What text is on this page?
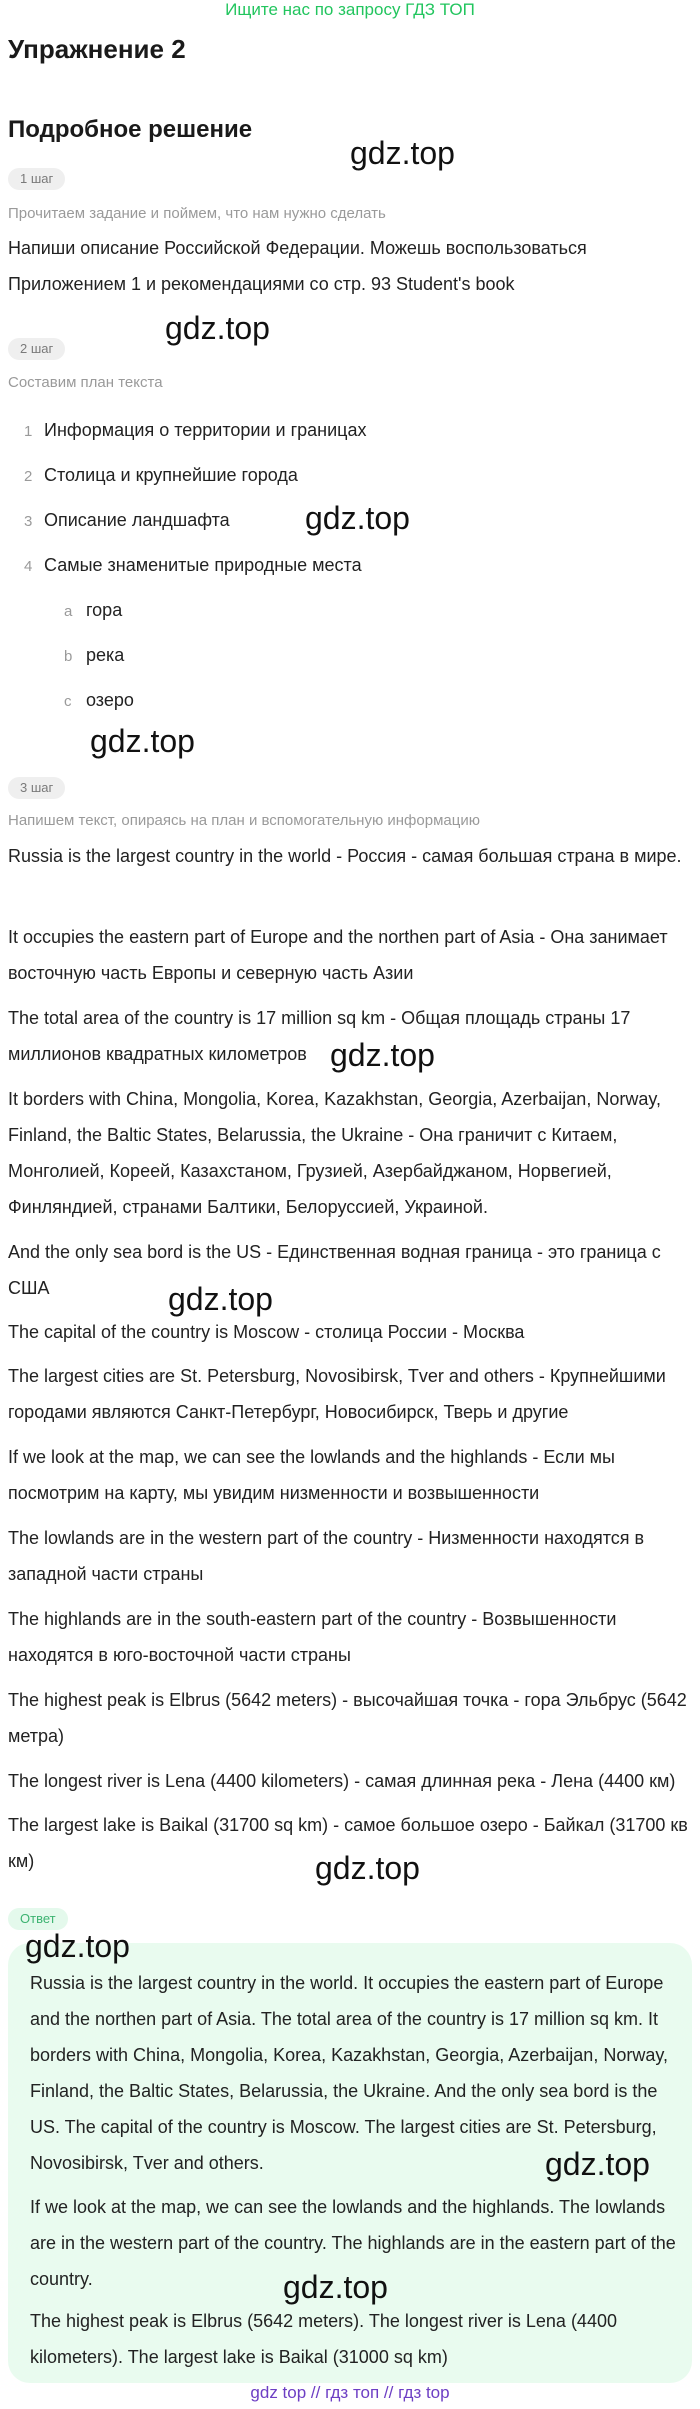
Ищите нас по запросу ГДЗ ТОП
Упражнение 2
Подробное решение
1 шаг
Прочитаем задание и поймем, что нам нужно сделать
Напиши описание Российской Федерации. Можешь воспользоваться Приложением 1 и рекомендациями со стр. 93 Student's book
2 шаг
Составим план текста
1 Информация о территории и границах
2 Столица и крупнейшие города
3 Описание ландшафта
4 Самые знаменитые природные места
a гора
b река
c озеро
3 шаг
Напишем текст, опираясь на план и вспомогательную информацию
Russia is the largest country in the world - Россия - самая большая страна в мире.
It occupies the eastern part of Europe and the northen part of Asia - Она занимает восточную часть Европы и северную часть Азии
The total area of the country is 17 million sq km - Общая площадь страны 17 миллионов квадратных километров
It borders with China, Mongolia, Korea, Kazakhstan, Georgia, Azerbaijan, Norway, Finland, the Baltic States, Belarussia, the Ukraine - Она граничит с Китаем, Монголией, Кореей, Казахстаном, Грузией, Азербайджаном, Норвегией, Финляндией, странами Балтики, Белоруссией, Украиной.
And the only sea bord is the US - Единственная водная граница - это граница с США
The capital of the country is Moscow - столица России - Москва
The largest cities are St. Petersburg, Novosibirsk, Tver and others - Крупнейшими городами являются Санкт-Петербург, Новосибирск, Тверь и другие
If we look at the map, we can see the lowlands and the highlands - Если мы посмотрим на карту, мы увидим низменности и возвышенности
The lowlands are in the western part of the country - Низменности находятся в западной части страны
The highlands are in the south-eastern part of the country - Возвышенности находятся в юго-восточной части страны
The highest peak is Elbrus (5642 meters) - высочайшая точка - гора Эльбрус (5642 метра)
The longest river is Lena (4400 kilometers) - самая длинная река - Лена (4400 км)
The largest lake is Baikal (31700 sq km) - самое большое озеро - Байкал (31700 кв км)
Ответ
Russia is the largest country in the world. It occupies the eastern part of Europe and the northen part of Asia. The total area of the country is 17 million sq km. It borders with China, Mongolia, Korea, Kazakhstan, Georgia, Azerbaijan, Norway, Finland, the Baltic States, Belarussia, the Ukraine. And the only sea bord is the US. The capital of the country is Moscow. The largest cities are St. Petersburg, Novosibirsk, Tver and others.
If we look at the map, we can see the lowlands and the highlands. The lowlands are in the western part of the country. The highlands are in the eastern part of the country.
The highest peak is Elbrus (5642 meters). The longest river is Lena (4400 kilometers). The largest lake is Baikal (31000 sq km)
gdz.top
gdz.top
gdz.top
gdz.top
gdz.top
gdz.top
gdz.top
gdz.top
gdz.top
gdz.top
gdz top // гдз топ // гдз top
